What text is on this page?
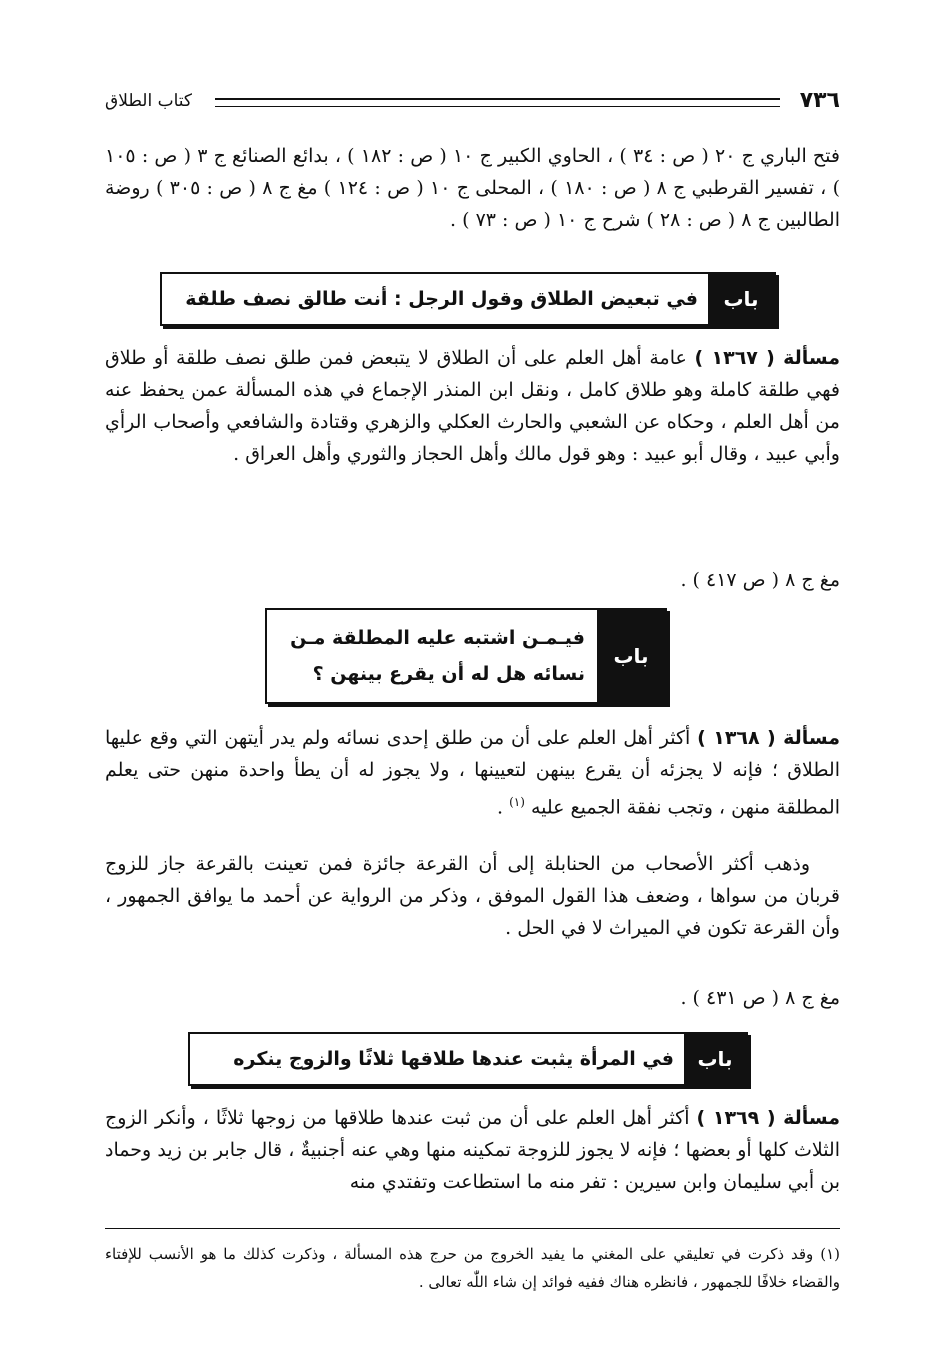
٧٣٦
كتاب الطلاق
فتح الباري ج ٢٠ ( ص : ٣٤ ) ، الحاوي الكبير ج ١٠ ( ص : ١٨٢ ) ، بدائع الصنائع ج ٣ ( ص : ١٠٥ ) ، تفسير القرطبي ج ٨ ( ص : ١٨٠ ) ، المحلى ج ١٠ ( ص : ١٢٤ ) مغ ج ٨ ( ص : ٣٠٥ ) روضة الطالبين ج ٨ ( ص : ٢٨ ) شرح ج ١٠ ( ص : ٧٣ ) .
باب
في تبعيض الطلاق وقول الرجل : أنت طالق نصف طلقة
مسألة ( ١٣٦٧ ) عامة أهل العلم على أن الطلاق لا يتبعض فمن طلق نصف طلقة أو طلاق فهي طلقة كاملة وهو طلاق كامل ، ونقل ابن المنذر الإجماع في هذه المسألة عمن يحفظ عنه من أهل العلم ، وحكاه عن الشعبي والحارث العكلي والزهري وقتادة والشافعي وأصحاب الرأي وأبي عبيد ، وقال أبو عبيد : وهو قول مالك وأهل الحجاز والثوري وأهل العراق .
مغ ج ٨ ( ص ٤١٧ ) .
باب
فيـمـن اشتبه عليه المطلقة مـن
نسائه هل له أن يقرع بينهن ؟
مسألة ( ١٣٦٨ ) أكثر أهل العلم على أن من طلق إحدى نسائه ولم يدر أيتهن التي وقع عليها الطلاق ؛ فإنه لا يجزئه أن يقرع بينهن لتعيينها ، ولا يجوز له أن يطأ واحدة منهن حتى يعلم المطلقة منهن ، وتجب نفقة الجميع عليه $^{(١)}$ .
وذهب أكثر الأصحاب من الحنابلة إلى أن القرعة جائزة فمن تعينت بالقرعة جاز للزوج قربان من سواها ، وضعف هذا القول الموفق ، وذكر من الرواية عن أحمد ما يوافق الجمهور ، وأن القرعة تكون في الميراث لا في الحل .
مغ ج ٨ ( ص ٤٣١ ) .
باب
في المرأة يثبت عندها طلاقها ثلاثًا والزوج ينكره
مسألة ( ١٣٦٩ ) أكثر أهل العلم على أن من ثبت عندها طلاقها من زوجها ثلاثًا ، وأنكر الزوج الثلاث كلها أو بعضها ؛ فإنه لا يجوز للزوجة تمكينه منها وهي عنه أجنبيةٌ ، قال جابر بن زيد وحماد بن أبي سليمان وابن سيرين : تفر منه ما استطاعت وتفتدي منه
(١) وقد ذكرت في تعليقي على المغني ما يفيد الخروج من حرج هذه المسألة ، وذكرت كذلك ما هو الأنسب للإفتاء والقضاء خلافًا للجمهور ، فانظره هناك ففيه فوائد إن شاء اللّٰه تعالى .
